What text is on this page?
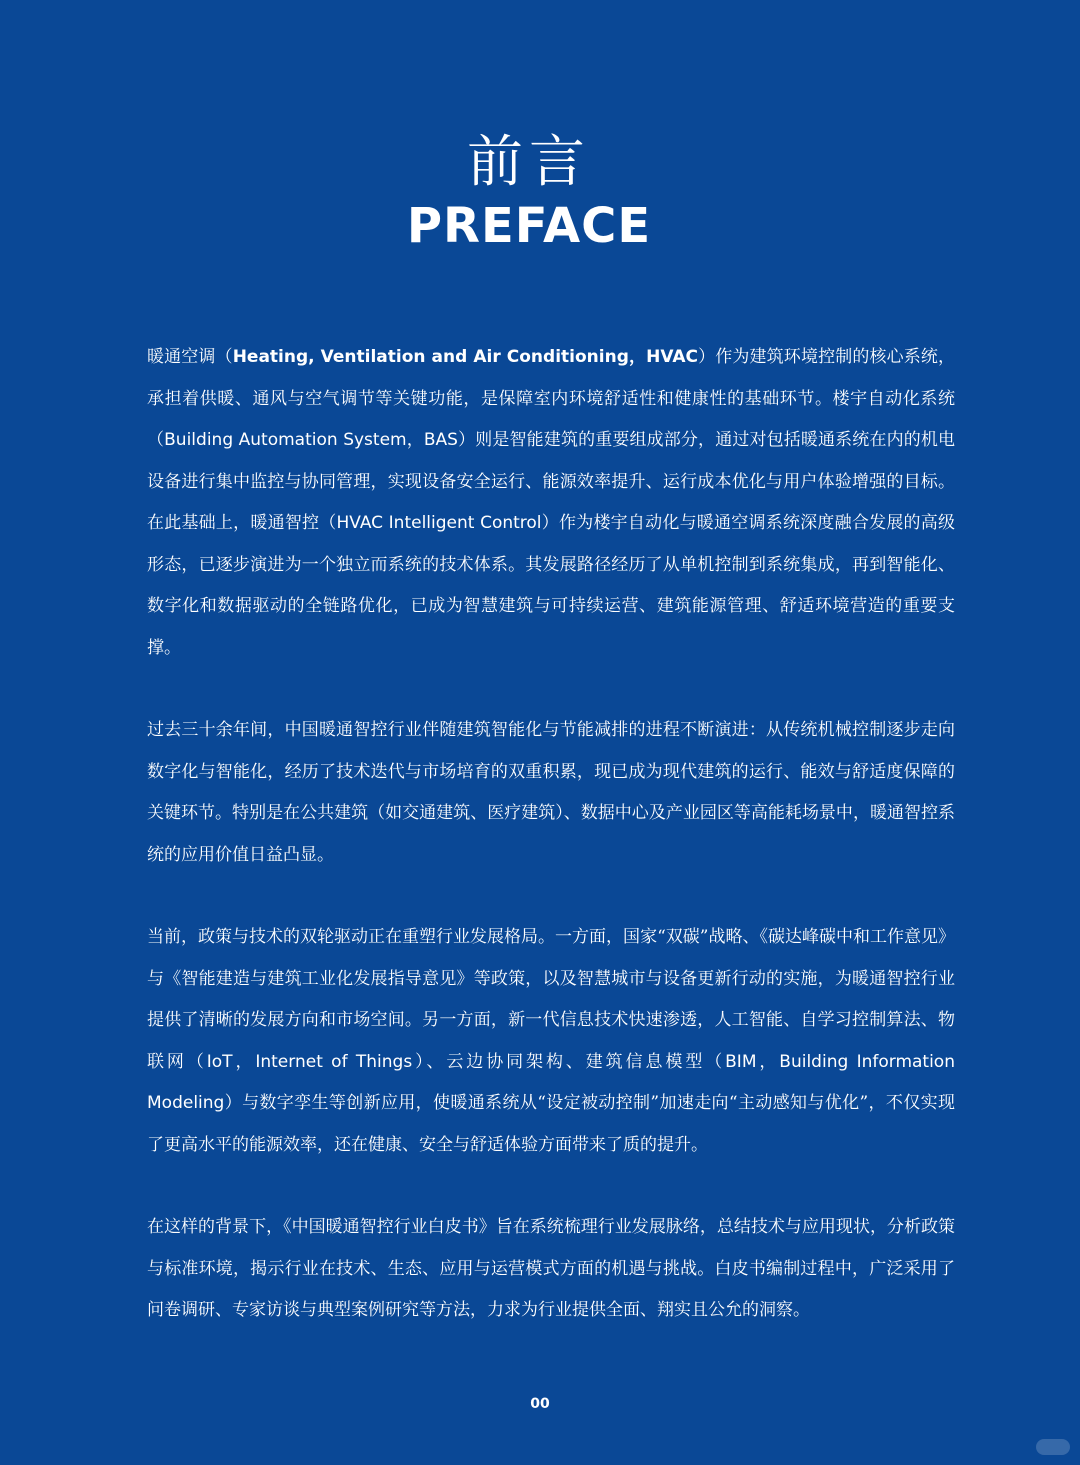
前言
PREFACE

暖通空调（Heating, Ventilation and Air Conditioning，HVAC）作为建筑环境控制的核心系统，承担着供暖、通风与空气调节等关键功能，是保障室内环境舒适性和健康性的基础环节。楼宇自动化系统（Building Automation System，BAS）则是智能建筑的重要组成部分，通过对包括暖通系统在内的机电设备进行集中监控与协同管理，实现设备安全运行、能源效率提升、运行成本优化与用户体验增强的目标。在此基础上，暖通智控（HVAC Intelligent Control）作为楼宇自动化与暖通空调系统深度融合发展的高级形态，已逐步演进为一个独立而系统的技术体系。其发展路径经历了从单机控制到系统集成，再到智能化、数字化和数据驱动的全链路优化，已成为智慧建筑与可持续运营、建筑能源管理、舒适环境营造的重要支撑。

过去三十余年间，中国暖通智控行业伴随建筑智能化与节能减排的进程不断演进：从传统机械控制逐步走向数字化与智能化，经历了技术迭代与市场培育的双重积累，现已成为现代建筑的运行、能效与舒适度保障的关键环节。特别是在公共建筑（如交通建筑、医疗建筑）、数据中心及产业园区等高能耗场景中，暖通智控系统的应用价值日益凸显。

当前，政策与技术的双轮驱动正在重塑行业发展格局。一方面，国家“双碳”战略、《碳达峰碳中和工作意见》与《智能建造与建筑工业化发展指导意见》等政策，以及智慧城市与设备更新行动的实施，为暖通智控行业提供了清晰的发展方向和市场空间。另一方面，新一代信息技术快速渗透，人工智能、自学习控制算法、物联网（IoT，Internet of Things）、云边协同架构、建筑信息模型（BIM，Building Information Modeling）与数字孪生等创新应用，使暖通系统从“设定被动控制”加速走向“主动感知与优化”，不仅实现了更高水平的能源效率，还在健康、安全与舒适体验方面带来了质的提升。

在这样的背景下，《中国暖通智控行业白皮书》旨在系统梳理行业发展脉络，总结技术与应用现状，分析政策与标准环境，揭示行业在技术、生态、应用与运营模式方面的机遇与挑战。白皮书编制过程中，广泛采用了问卷调研、专家访谈与典型案例研究等方法，力求为行业提供全面、翔实且公允的洞察。

00
